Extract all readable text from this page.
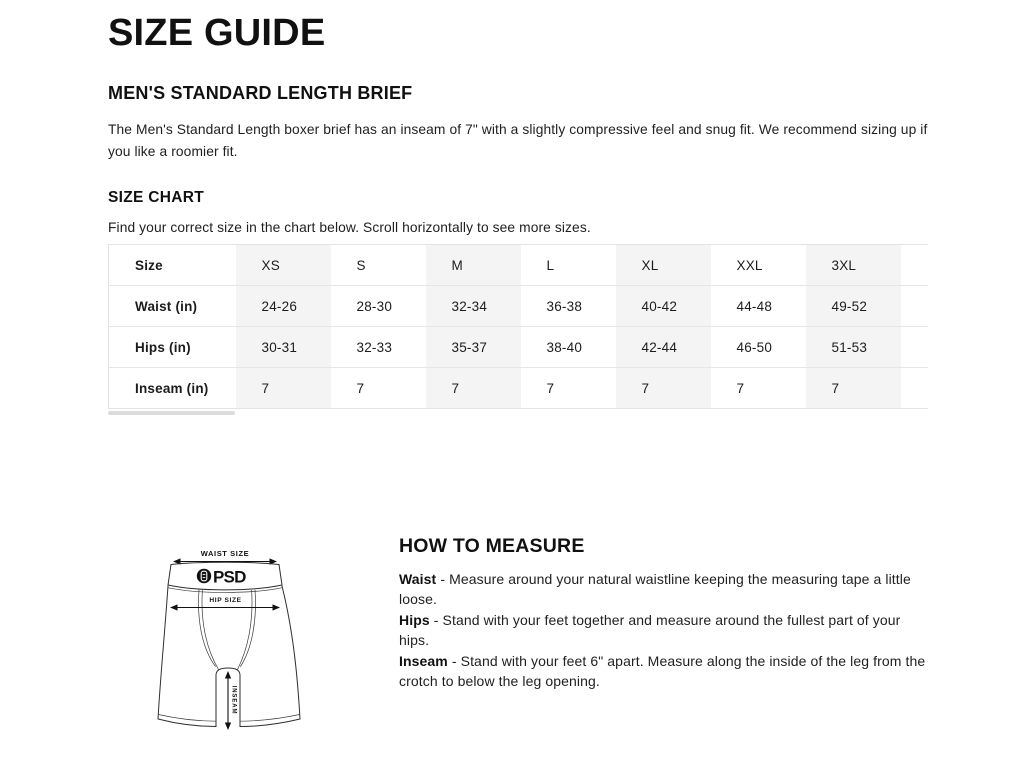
SIZE GUIDE
MEN'S STANDARD LENGTH BRIEF

The Men's Standard Length boxer brief has an inseam of 7" with a slightly compressive feel and snug fit. We recommend sizing up if you like a roomier fit.

SIZE CHART

Find your correct size in the chart below. Scroll horizontally to see more sizes.

Size	XS	S	M	L	XL	XXL	3XL	
Waist (in)	24-26	28-30	32-34	36-38	40-42	44-48	49-52	
Hips (in)	30-31	32-33	35-37	38-40	42-44	46-50	51-53	
Inseam (in)	7	7	7	7	7	7	7	
WAIST SIZE
PSD
HIP SIZE
INSEAM
HOW TO MEASURE

Waist - Measure around your natural waistline keeping the measuring tape a little loose.

Hips - Stand with your feet together and measure around the fullest part of your hips.

Inseam - Stand with your feet 6" apart. Measure along the inside of the leg from the crotch to below the leg opening.
